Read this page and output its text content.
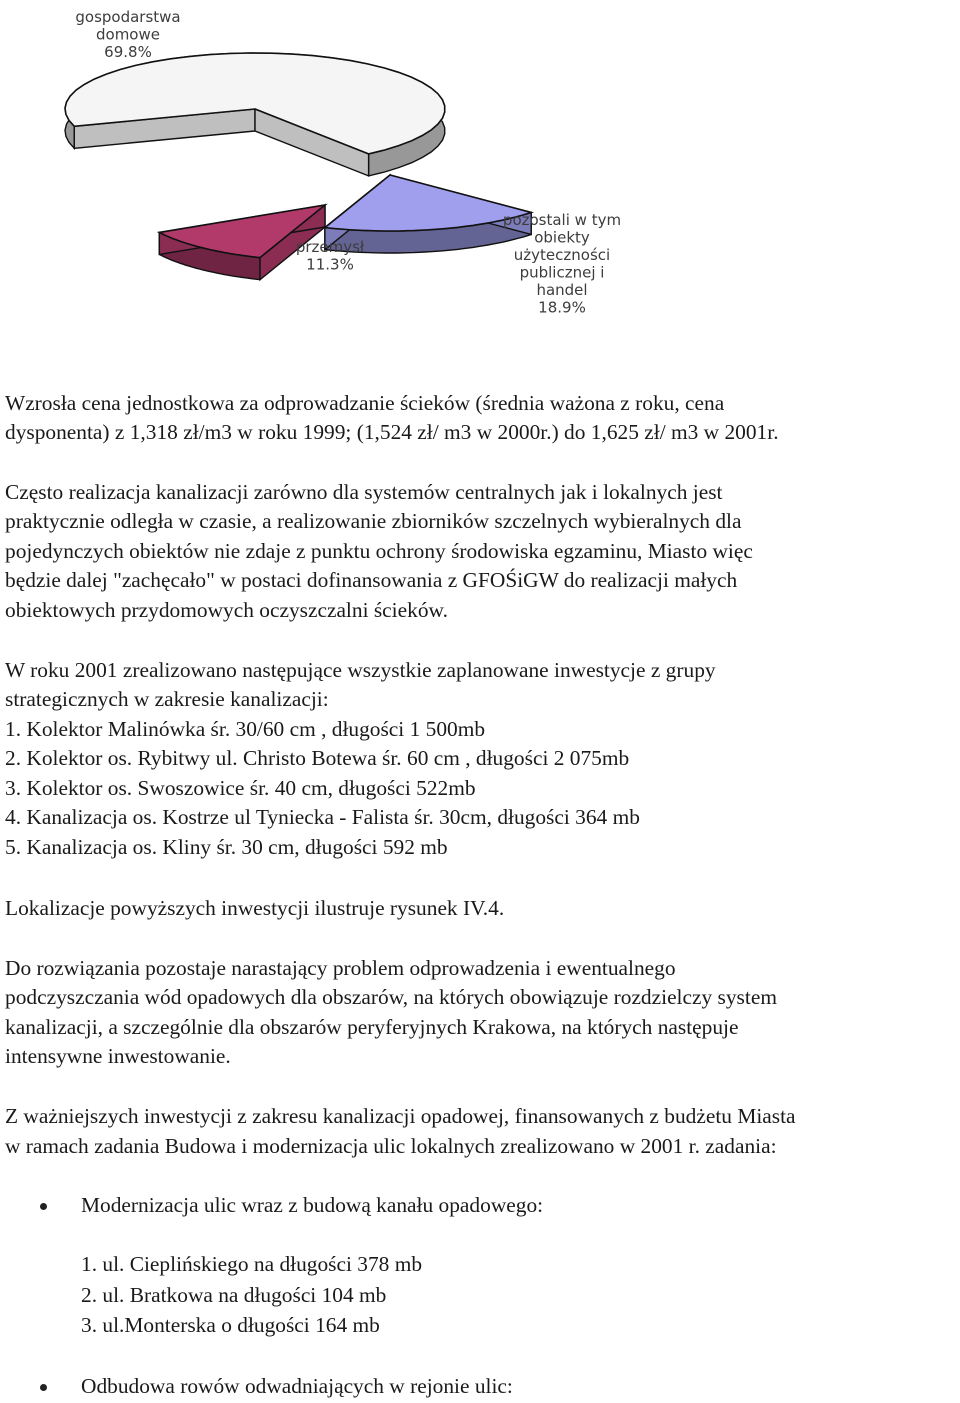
gospodarstwa domowe 69.8%
pozostali w tym obiekty użyteczności publicznej i handel 18.9%
przemysł 11.3%

Wzrosła cena jednostkowa za odprowadzanie ścieków (średnia ważona z roku, cena

dysponenta) z 1,318 zł/m3 w roku 1999; (1,524 zł/ m3 w 2000r.) do 1,625 zł/ m3 w 2001r.

Często realizacja kanalizacji zarówno dla systemów centralnych jak i lokalnych jest

praktycznie odległa w czasie, a realizowanie zbiorników szczelnych wybieralnych dla

pojedynczych obiektów nie zdaje z punktu ochrony środowiska egzaminu, Miasto więc

będzie dalej "zachęcało" w postaci dofinansowania z GFOŚiGW do realizacji małych

obiektowych przydomowych oczyszczalni ścieków.

W roku 2001 zrealizowano następujące wszystkie zaplanowane inwestycje z grupy

strategicznych w zakresie kanalizacji:

1. Kolektor Malinówka śr. 30/60 cm , długości 1 500mb

2. Kolektor os. Rybitwy ul. Christo Botewa śr. 60 cm , długości 2 075mb

3. Kolektor os. Swoszowice śr. 40 cm, długości 522mb

4. Kanalizacja os. Kostrze ul Tyniecka - Falista śr. 30cm, długości 364 mb

5. Kanalizacja os. Kliny śr. 30 cm, długości 592 mb

Lokalizacje powyższych inwestycji ilustruje rysunek IV.4.

Do rozwiązania pozostaje narastający problem odprowadzenia i ewentualnego

podczyszczania wód opadowych dla obszarów, na których obowiązuje rozdzielczy system

kanalizacji, a szczególnie dla obszarów peryferyjnych Krakowa, na których następuje

intensywne inwestowanie.

Z ważniejszych inwestycji z zakresu kanalizacji opadowej, finansowanych z budżetu Miasta

w ramach zadania Budowa i modernizacja ulic lokalnych zrealizowano w 2001 r. zadania:

Modernizacja ulic wraz z budową kanału opadowego:

1. ul. Cieplińskiego na długości 378 mb

2. ul. Bratkowa na długości 104 mb

3. ul.Monterska o długości 164 mb

Odbudowa rowów odwadniających w rejonie ulic:
